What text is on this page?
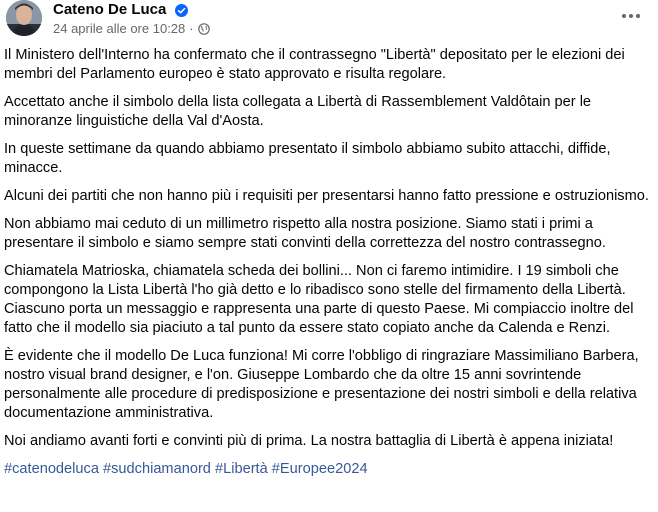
Cateno De Luca
24 aprile alle ore 10:28 ·

Il Ministero dell'Interno ha confermato che il contrassegno "Libertà" depositato per le elezioni dei membri del Parlamento europeo è stato approvato e risulta regolare.

Accettato anche il simbolo della lista collegata a Libertà di Rassemblement Valdôtain per le minoranze linguistiche della Val d'Aosta.

In queste settimane da quando abbiamo presentato il simbolo abbiamo subito attacchi, diffide, minacce.

Alcuni dei partiti che non hanno più i requisiti per presentarsi hanno fatto pressione e ostruzionismo.

Non abbiamo mai ceduto di un millimetro rispetto alla nostra posizione. Siamo stati i primi a presentare il simbolo e siamo sempre stati convinti della correttezza del nostro contrassegno.

Chiamatela Matrioska, chiamatela scheda dei bollini... Non ci faremo intimidire. I 19 simboli che compongono la Lista Libertà l'ho già detto e lo ribadisco sono stelle del firmamento della Libertà. Ciascuno porta un messaggio e rappresenta una parte di questo Paese. Mi compiaccio inoltre del fatto che il modello sia piaciuto a tal punto da essere stato copiato anche da Calenda e Renzi.

È evidente che il modello De Luca funziona! Mi corre l'obbligo di ringraziare Massimiliano Barbera, nostro visual brand designer, e l'on. Giuseppe Lombardo che da oltre 15 anni sovrintende personalmente alle procedure di predisposizione e presentazione dei nostri simboli e della relativa documentazione amministrativa.

Noi andiamo avanti forti e convinti più di prima. La nostra battaglia di Libertà è appena iniziata!

#catenodeluca #sudchiamanord #Libertà #Europee2024
